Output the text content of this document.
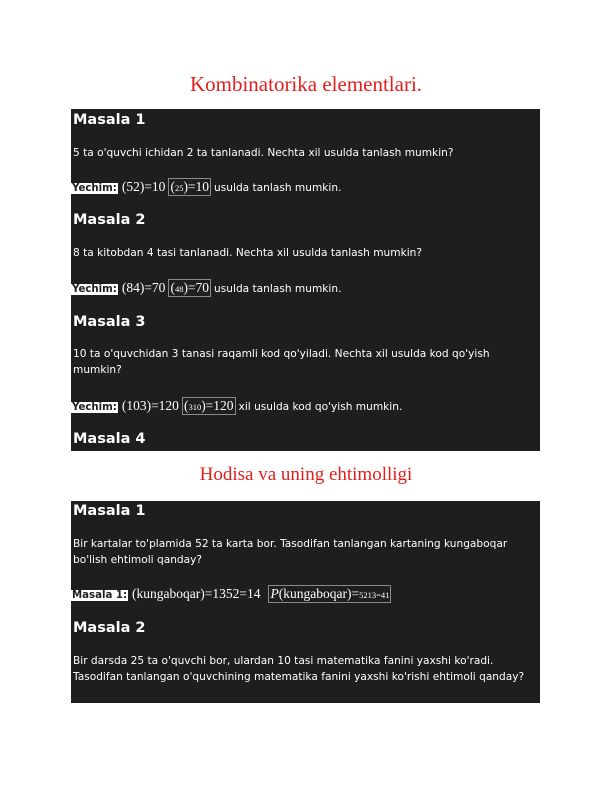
Kombinatorika elementlari.
Masala 1
5 ta o'quvchi ichidan 2 ta tanlanadi. Nechta xil usulda tanlash mumkin?
Yechim: (52)=10 (25)=10 usulda tanlash mumkin.
Masala 2
8 ta kitobdan 4 tasi tanlanadi. Nechta xil usulda tanlash mumkin?
Yechim: (84)=70 (48)=70 usulda tanlash mumkin.
Masala 3
10 ta o'quvchidan 3 tanasi raqamli kod qo'yiladi. Nechta xil usulda kod qo'yish mumkin?
Yechim: (103)=120 (310)=120 xil usulda kod qo'yish mumkin.
Masala 4
Hodisa va uning ehtimolligi
Masala 1
Bir kartalar to'plamida 52 ta karta bor. Tasodifan tanlangan kartaning kungaboqar bo'lish ehtimoli qanday?
Masala 1: (kungaboqar)=1352=14 P(kungaboqar)=5213=41
Masala 2
Bir darsda 25 ta o'quvchi bor, ulardan 10 tasi matematika fanini yaxshi ko'radi. Tasodifan tanlangan o'quvchining matematika fanini yaxshi ko'rishi ehtimoli qanday?
